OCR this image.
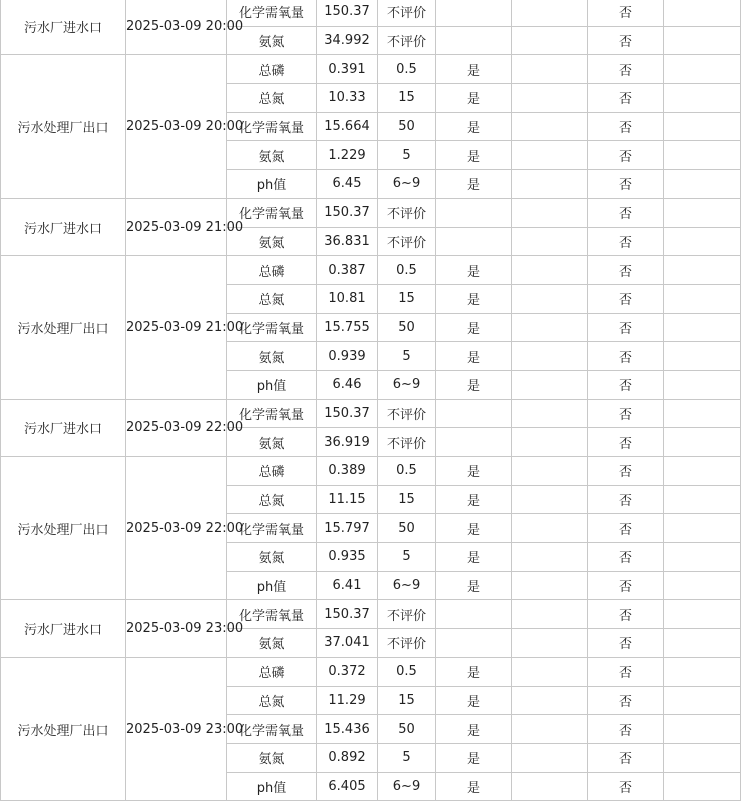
污水厂进水口	2025-03-09 20:00	化学需氧量	150.37	不评价			否	
		氨氮	34.992	不评价			否	
污水处理厂出口	2025-03-09 20:00	总磷	0.391	0.5	是		否	
		总氮	10.33	15	是		否	
		化学需氧量	15.664	50	是		否	
		氨氮	1.229	5	是		否	
		ph值	6.45	6~9	是		否	
污水厂进水口	2025-03-09 21:00	化学需氧量	150.37	不评价			否	
		氨氮	36.831	不评价			否	
污水处理厂出口	2025-03-09 21:00	总磷	0.387	0.5	是		否	
		总氮	10.81	15	是		否	
		化学需氧量	15.755	50	是		否	
		氨氮	0.939	5	是		否	
		ph值	6.46	6~9	是		否	
污水厂进水口	2025-03-09 22:00	化学需氧量	150.37	不评价			否	
		氨氮	36.919	不评价			否	
污水处理厂出口	2025-03-09 22:00	总磷	0.389	0.5	是		否	
		总氮	11.15	15	是		否	
		化学需氧量	15.797	50	是		否	
		氨氮	0.935	5	是		否	
		ph值	6.41	6~9	是		否	
污水厂进水口	2025-03-09 23:00	化学需氧量	150.37	不评价			否	
		氨氮	37.041	不评价			否	
污水处理厂出口	2025-03-09 23:00	总磷	0.372	0.5	是		否	
		总氮	11.29	15	是		否	
		化学需氧量	15.436	50	是		否	
		氨氮	0.892	5	是		否	
		ph值	6.405	6~9	是		否	
